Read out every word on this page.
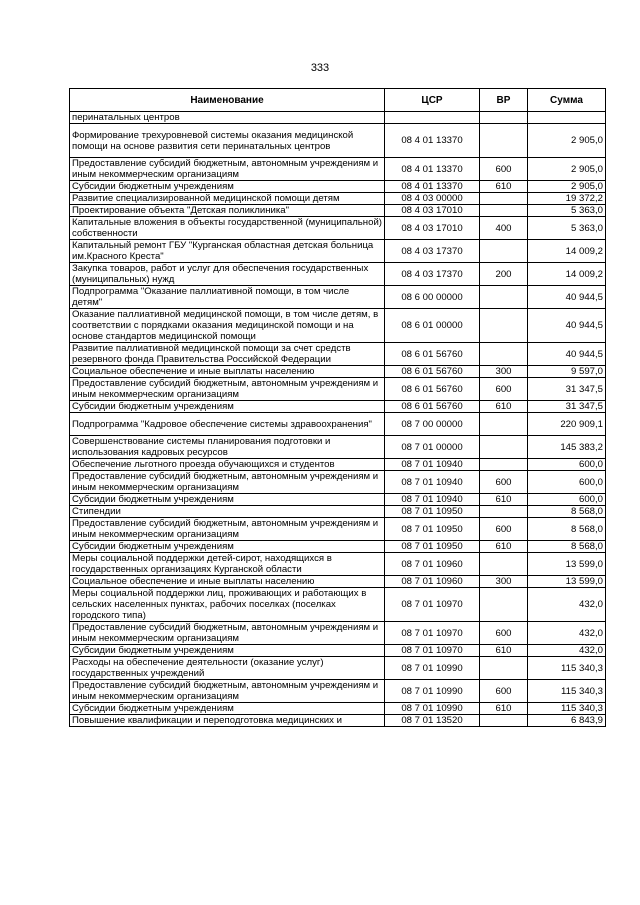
333
Наименование	ЦСР	ВР	Сумма
перинатальных центров			
Формирование трехуровневой системы оказания медицинской помощи на основе развития сети перинатальных центров	08 4 01 13370		2 905,0
Предоставление субсидий бюджетным, автономным учреждениям и иным некоммерческим организациям	08 4 01 13370	600	2 905,0
Субсидии бюджетным учреждениям	08 4 01 13370	610	2 905,0
Развитие специализированной медицинской помощи детям	08 4 03 00000		19 372,2
Проектирование объекта "Детская поликлиника"	08 4 03 17010		5 363,0
Капитальные вложения в объекты государственной (муниципальной) собственности	08 4 03 17010	400	5 363,0
Капитальный ремонт ГБУ "Курганская областная детская больница им.Красного Креста"	08 4 03 17370		14 009,2
Закупка товаров, работ и услуг для обеспечения государственных (муниципальных) нужд	08 4 03 17370	200	14 009,2
Подпрограмма "Оказание паллиативной помощи, в том числе детям"	08 6 00 00000		40 944,5
Оказание паллиативной медицинской помощи, в том числе детям, в соответствии с порядками оказания медицинской помощи и на основе стандартов медицинской помощи	08 6 01 00000		40 944,5
Развитие паллиативной медицинской помощи за счет средств резервного фонда Правительства Российской Федерации	08 6 01 56760		40 944,5
Социальное обеспечение и иные выплаты населению	08 6 01 56760	300	9 597,0
Предоставление субсидий бюджетным, автономным учреждениям и иным некоммерческим организациям	08 6 01 56760	600	31 347,5
Субсидии бюджетным учреждениям	08 6 01 56760	610	31 347,5
Подпрограмма "Кадровое обеспечение системы здравоохранения"	08 7 00 00000		220 909,1
Совершенствование системы планирования подготовки и использования кадровых ресурсов	08 7 01 00000		145 383,2
Обеспечение льготного проезда обучающихся и студентов	08 7 01 10940		600,0
Предоставление субсидий бюджетным, автономным учреждениям и иным некоммерческим организациям	08 7 01 10940	600	600,0
Субсидии бюджетным учреждениям	08 7 01 10940	610	600,0
Стипендии	08 7 01 10950		8 568,0
Предоставление субсидий бюджетным, автономным учреждениям и иным некоммерческим организациям	08 7 01 10950	600	8 568,0
Субсидии бюджетным учреждениям	08 7 01 10950	610	8 568,0
Меры социальной поддержки детей-сирот, находящихся в государственных организациях Курганской области	08 7 01 10960		13 599,0
Социальное обеспечение и иные выплаты населению	08 7 01 10960	300	13 599,0
Меры социальной поддержки лиц, проживающих и работающих в сельских населенных пунктах, рабочих поселках (поселках городского типа)	08 7 01 10970		432,0
Предоставление субсидий бюджетным, автономным учреждениям и иным некоммерческим организациям	08 7 01 10970	600	432,0
Субсидии бюджетным учреждениям	08 7 01 10970	610	432,0
Расходы на обеспечение деятельности (оказание услуг) государственных учреждений	08 7 01 10990		115 340,3
Предоставление субсидий бюджетным, автономным учреждениям и иным некоммерческим организациям	08 7 01 10990	600	115 340,3
Субсидии бюджетным учреждениям	08 7 01 10990	610	115 340,3
Повышение квалификации и переподготовка медицинских и	08 7 01 13520		6 843,9
